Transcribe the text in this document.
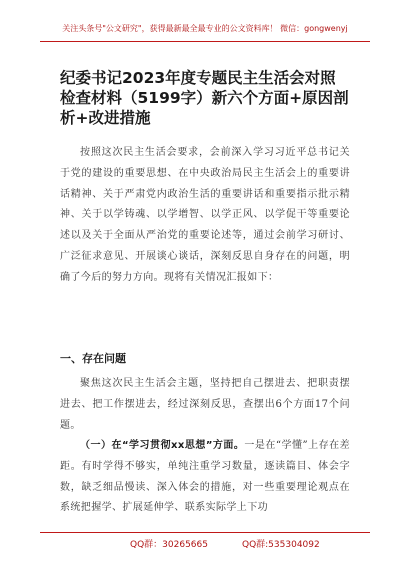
关注头条号"公文研究"，获得最新最全最专业的公文资料库！ 微信：gongwenyj
纪委书记2023年度专题民主生活会对照检查材料（5199字）新六个方面+原因剖析+改进措施

按照这次民主生活会要求，会前深入学习习近平总书记关于党的建设的重要思想、在中央政治局民主生活会上的重要讲话精神、关于严肃党内政治生活的重要讲话和重要指示批示精神、关于以学铸魂、以学增智、以学正风、以学促干等重要论述以及关于全面从严治党的重要论述等，通过会前学习研讨、广泛征求意见、开展谈心谈话，深刻反思自身存在的问题，明确了今后的努力方向。现将有关情况汇报如下：

一、存在问题

聚焦这次民主生活会主题，坚持把自己摆进去、把职责摆进去、把工作摆进去，经过深刻反思，查摆出6个方面17个问题。

（一）在“学习贯彻xx思想”方面。一是在“学懂”上存在差距。有时学得不够实，单纯注重学习数量，逐读篇目、体会字数，缺乏细品慢读、深入体会的措施，对一些重要理论观点在系统把握学、扩展延伸学、联系实际学上下功

QQ群：30265665	QQ群:535304092
